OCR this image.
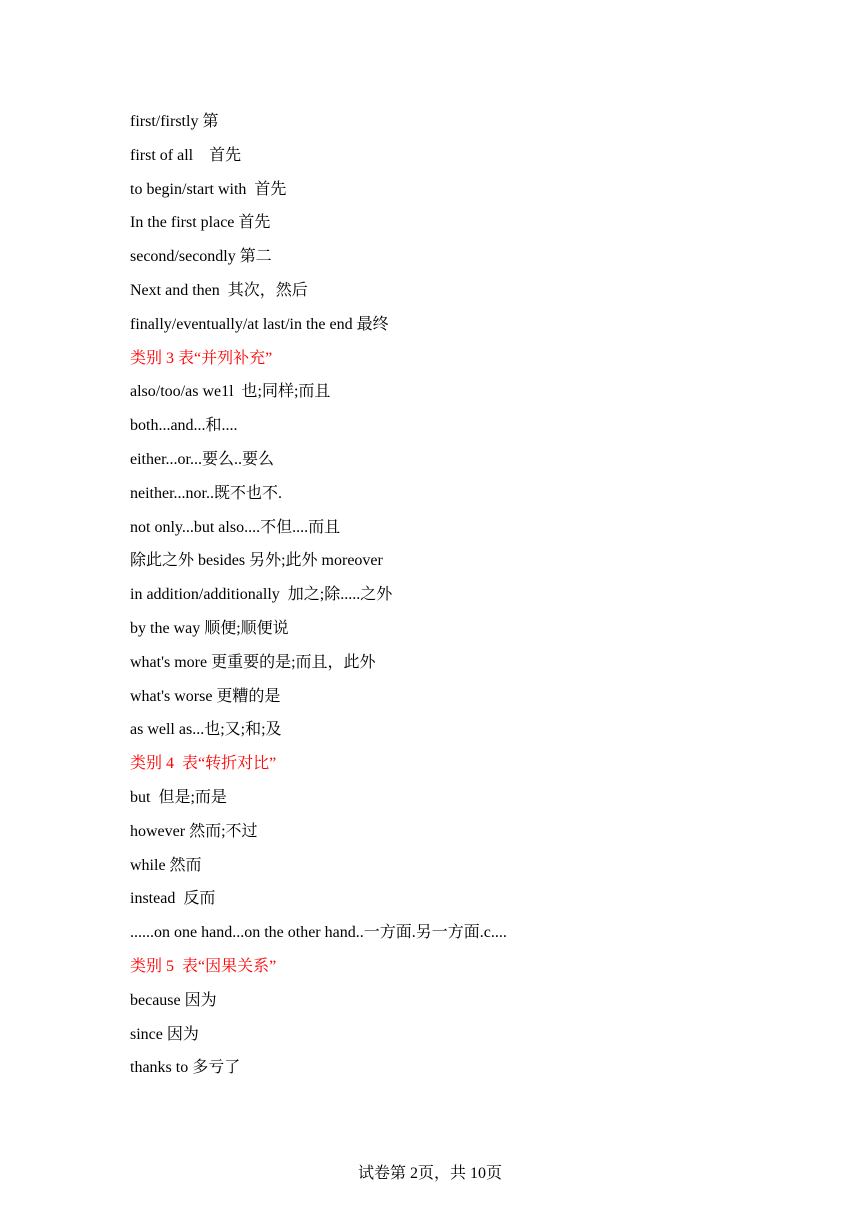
first/firstly 第
first of all    首先
to begin/start with  首先
In the first place 首先
second/secondly 第二
Next and then  其次，然后
finally/eventually/at last/in the end 最终
类别 3 表“并列补充”
also/too/as we1l  也;同样;而且
both...and...和....
either...or...要么..要么
neither...nor..既不也不.
not only...but also....不但....而且
除此之外 besides 另外;此外 moreover
in addition/additionally  加之;除.....之外
by the way 顺便;顺便说
what's more 更重要的是;而且，此外
what's worse 更糟的是
as well as...也;又;和;及
类别 4  表“转折对比”
but  但是;而是
however 然而;不过
while 然而
instead  反而
......on one hand...on the other hand..一方面.另一方面.c....
类别 5  表“因果关系”
because 因为
since 因为
thanks to 多亏了
试卷第 2页，共 10页
